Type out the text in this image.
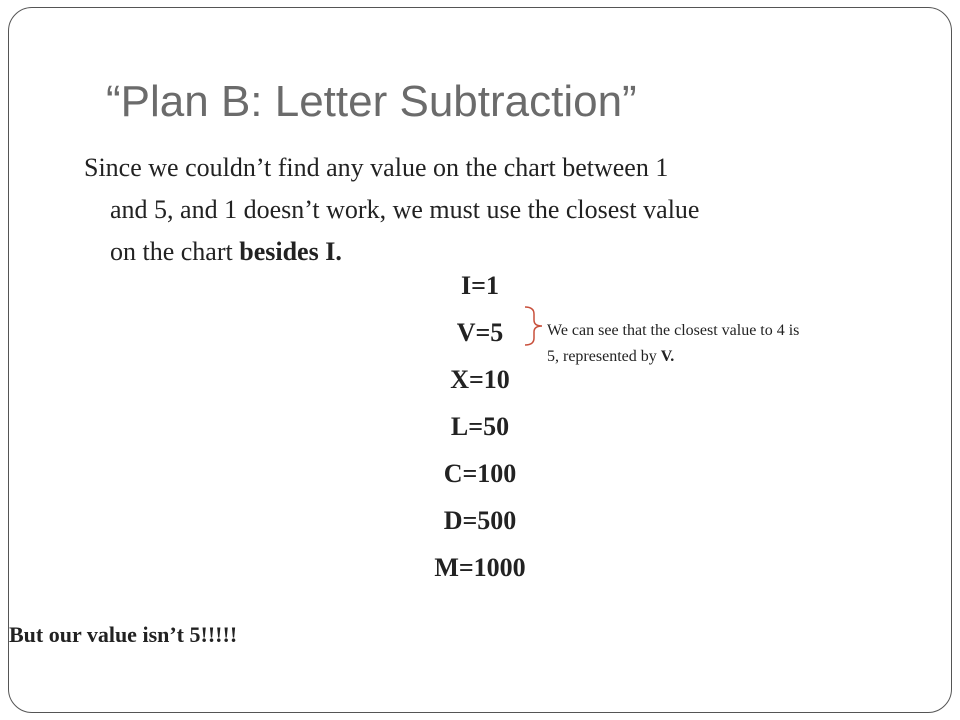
“Plan B: Letter Subtraction”
Since we couldn’t find any value on the chart between 1
and 5, and 1 doesn’t work, we must use the closest value
on the chart besides I.
I=1
V=5
X=10
L=50
C=100
D=500
M=1000
We can see that the closest value to 4 is
5, represented by V.
But our value isn’t 5!!!!!
